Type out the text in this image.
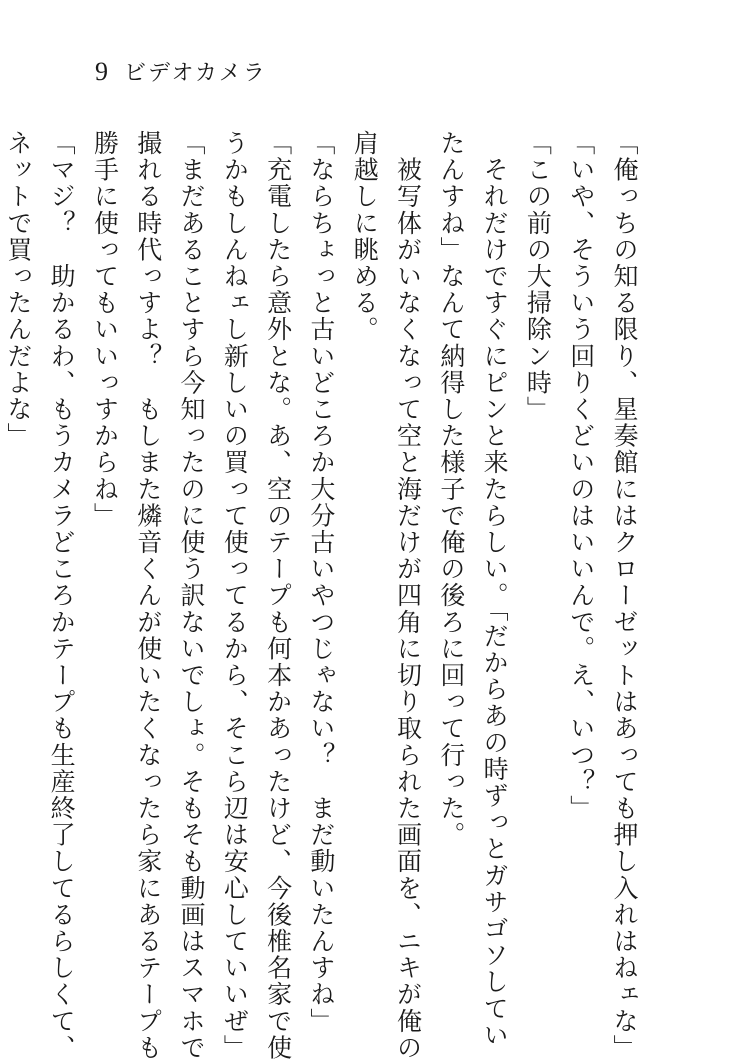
9 ビデオカメラ
「俺っちの知る限り、星奏館にはクローゼットはあっても押し入れはねェな」
「いや、そういう回りくどいのはいいんで。え、いつ？」
「この前の大掃除ン時」
　それだけですぐにピンと来たらしい。「だからあの時ずっとガサゴソしてい
たんすね」なんて納得した様子で俺の後ろに回って行った。
　被写体がいなくなって空と海だけが四角に切り取られた画面を、ニキが俺の
肩越しに眺める。
「ならちょっと古いどころか大分古いやつじゃない？　まだ動いたんすね」
「充電したら意外とな。あ、空のテープも何本かあったけど、今後椎名家で使
うかもしんねェし新しいの買って使ってるから、そこら辺は安心していいぜ」
「まだあることすら今知ったのに使う訳ないでしょ。そもそも動画はスマホで
撮れる時代っすよ？　もしまた燐音くんが使いたくなったら家にあるテープも
勝手に使ってもいいっすからね」
「マジ？　助かるわ、もうカメラどころかテープも生産終了してるらしくて、
ネットで買ったんだよな」
